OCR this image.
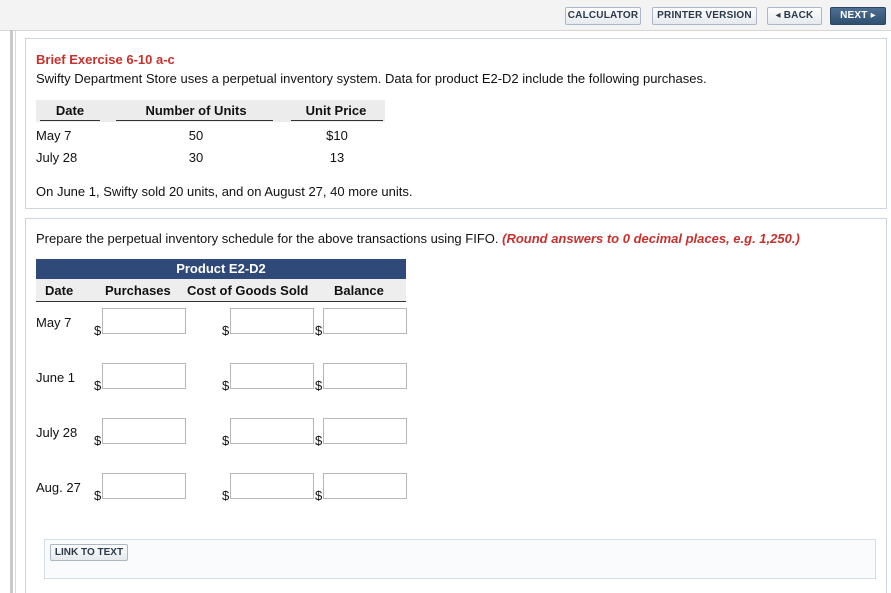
CALCULATOR	PRINTER VERSION	◂ BACK	NEXT ▸
Brief Exercise 6-10 a-c
Swifty Department Store uses a perpetual inventory system. Data for product E2-D2 include the following purchases.
Date	Number of Units	Unit Price
May 7	50	$10
July 28	30	13
On June 1, Swifty sold 20 units, and on August 27, 40 more units.
Prepare the perpetual inventory schedule for the above transactions using FIFO. (Round answers to 0 decimal places, e.g. 1,250.)
Product E2-D2
Date Purchases Cost of Goods Sold Balance
May 7
$	$	$
June 1
$	$	$
July 28
$	$	$
Aug. 27
$	$	$
LINK TO TEXT
